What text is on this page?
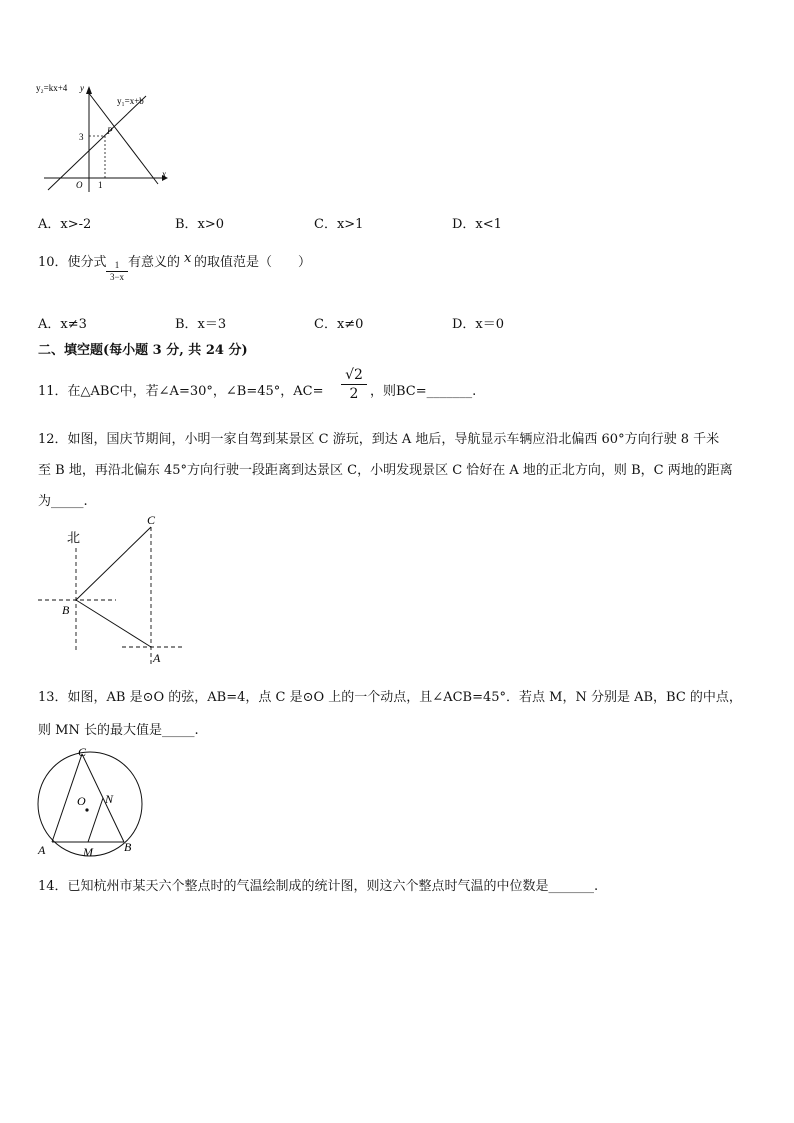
y₂=kx+4 y
y₁=x+b
P
3
1
O
x
A．x>-2	B．x>0	C．x>1	D．x<1
10．使分式 1
3−x
有意义的 x 的取值范是（　　）
A．x≠3	B．x＝3	C．x≠0	D．x＝0
二、填空题(每小题 3 分, 共 24 分)
11．在△ABC中，若∠A=30°，∠B=45°，AC=
√2
2 ，则BC=_______.
12．如图，国庆节期间，小明一家自驾到某景区 C 游玩，到达 A 地后，导航显示车辆应沿北偏西 60°方向行驶 8 千米
至 B 地，再沿北偏东 45°方向行驶一段距离到达景区 C，小明发现景区 C 恰好在 A 地的正北方向，则 B，C 两地的距离
为_____.
北
C
B
A
13．如图，AB 是⊙O 的弦，AB=4，点 C 是⊙O 上的一个动点，且∠ACB=45°．若点 M，N 分别是 AB，BC 的中点，
则 MN 长的最大值是_____.
C
O N
A	M	B
14．已知杭州市某天六个整点时的气温绘制成的统计图，则这六个整点时气温的中位数是_______.
